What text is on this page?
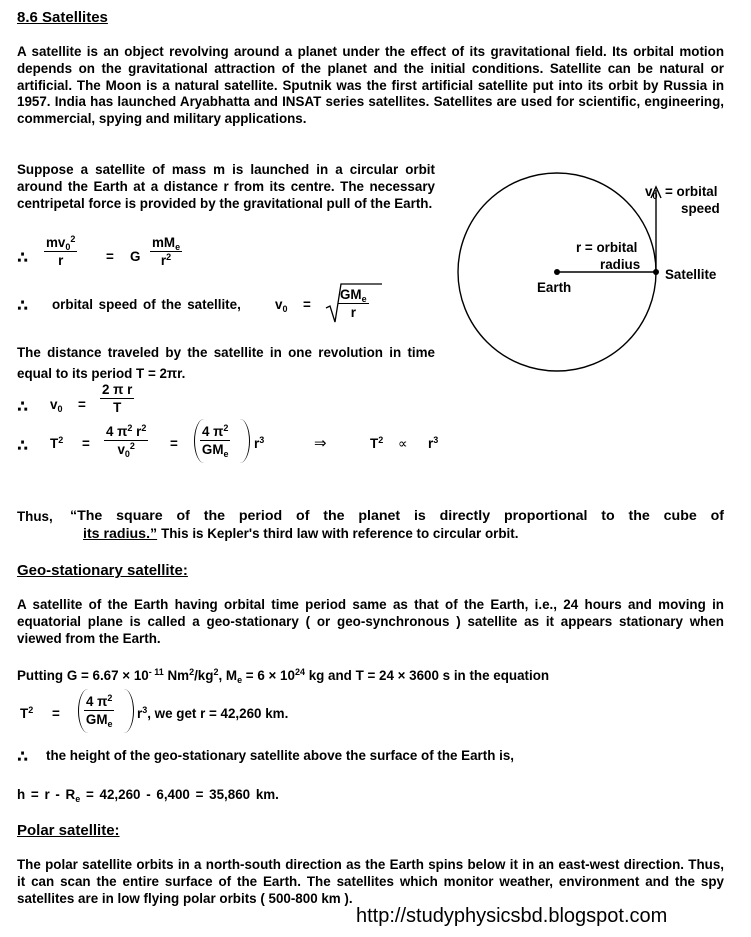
8.6 Satellites
A satellite is an object revolving around a planet under the effect of its gravitational field. Its orbital motion depends on the gravitational attraction of the planet and the initial conditions. Satellite can be natural or artificial. The Moon is a natural satellite. Sputnik was the first artificial satellite put into its orbit by Russia in 1957. India has launched Aryabhatta and INSAT series satellites. Satellites are used for scientific, engineering, commercial, spying and military applications.
Suppose a satellite of mass m is launched in a circular orbit around the Earth at a distance r from its centre. The necessary centripetal force is provided by the gravitational pull of the Earth.
∴ $\frac{mv_0^2}{r} = G$
$mM_e$
$r^2$
∴ orbital speed of the satellite,	$v_0$ =
$GM_e$
r
The distance traveled by the satellite in one revolution in time equal to its period T = 2πr.
∴ $v_0 = \frac{\text{2 π r}}{T}$
∴ $T^2 = \frac{4 \pi^2 r^2}{v_0^2}$ =
4 $\pi^2$
$GM_e$
$r^3$	⇒	$T^2 \propto r^3$
$v_0$ = orbital
speed
r = orbital
radius
Earth
Satellite
Thus, “The square of the period of the planet is directly proportional to the cube of
its radius.” This is Kepler's third law with reference to circular orbit.
Geo-stationary satellite:
A satellite of the Earth having orbital time period same as that of the Earth, i.e., 24 hours and moving in equatorial plane is called a geo-stationary ( or geo-synchronous ) satellite as it appears stationary when viewed from the Earth.
Putting $G = 6.67 \times 10^{- 11}$ $Nm^2/kg^2$, $M_e = 6 \times 10^{24}$ kg and T = 24 × 3600 s in the equation
$T^2$ =
4 $\pi^2$
$GM_e$
$r^3$, we get r = 42,260 km.
∴ the height of the geo-stationary satellite above the surface of the Earth is,
$h = r - R_e = 42,260 - 6,400 = 35,860$ km.
Polar satellite:
The polar satellite orbits in a north-south direction as the Earth spins below it in an east-west direction. Thus, it can scan the entire surface of the Earth. The satellites which monitor weather, environment and the spy satellites are in low flying polar orbits ( 500-800 km ).
http://studyphysicsbd.blogspot.com
